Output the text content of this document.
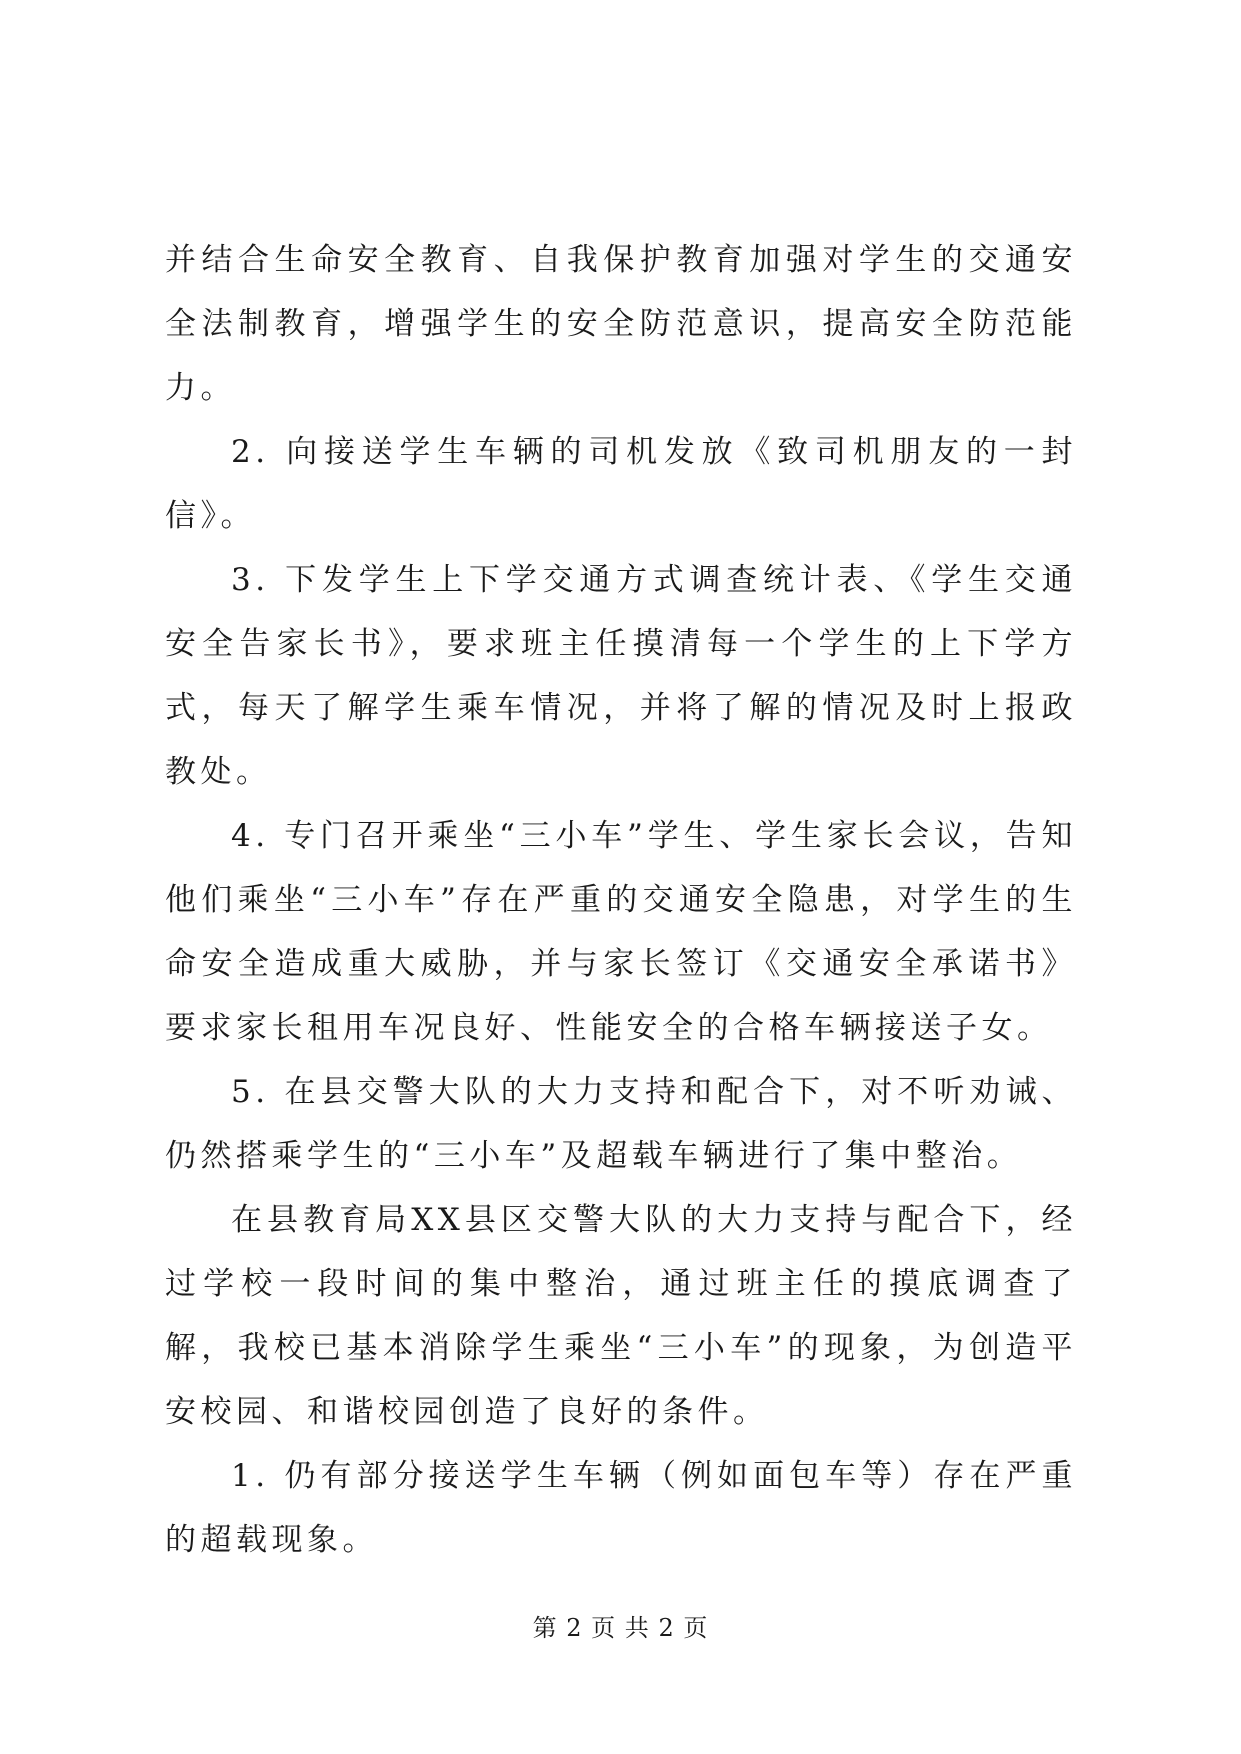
并结合生命安全教育、自我保护教育加强对学生的交通安全法制教育，增强学生的安全防范意识，提高安全防范能力。

2. 向接送学生车辆的司机发放《致司机朋友的一封信》。

3. 下发学生上下学交通方式调查统计表、《学生交通安全告家长书》，要求班主任摸清每一个学生的上下学方式，每天了解学生乘车情况，并将了解的情况及时上报政教处。

4. 专门召开乘坐“三小车”学生、学生家长会议，告知他们乘坐“三小车”存在严重的交通安全隐患，对学生的生命安全造成重大威胁，并与家长签订《交通安全承诺书》要求家长租用车况良好、性能安全的合格车辆接送子女。

5. 在县交警大队的大力支持和配合下，对不听劝诫、仍然搭乘学生的“三小车”及超载车辆进行了集中整治。

在县教育局XX县区交警大队的大力支持与配合下，经过学校一段时间的集中整治，通过班主任的摸底调查了解，我校已基本消除学生乘坐“三小车”的现象，为创造平安校园、和谐校园创造了良好的条件。

1. 仍有部分接送学生车辆（例如面包车等）存在严重的超载现象。

第 2 页 共 2 页
